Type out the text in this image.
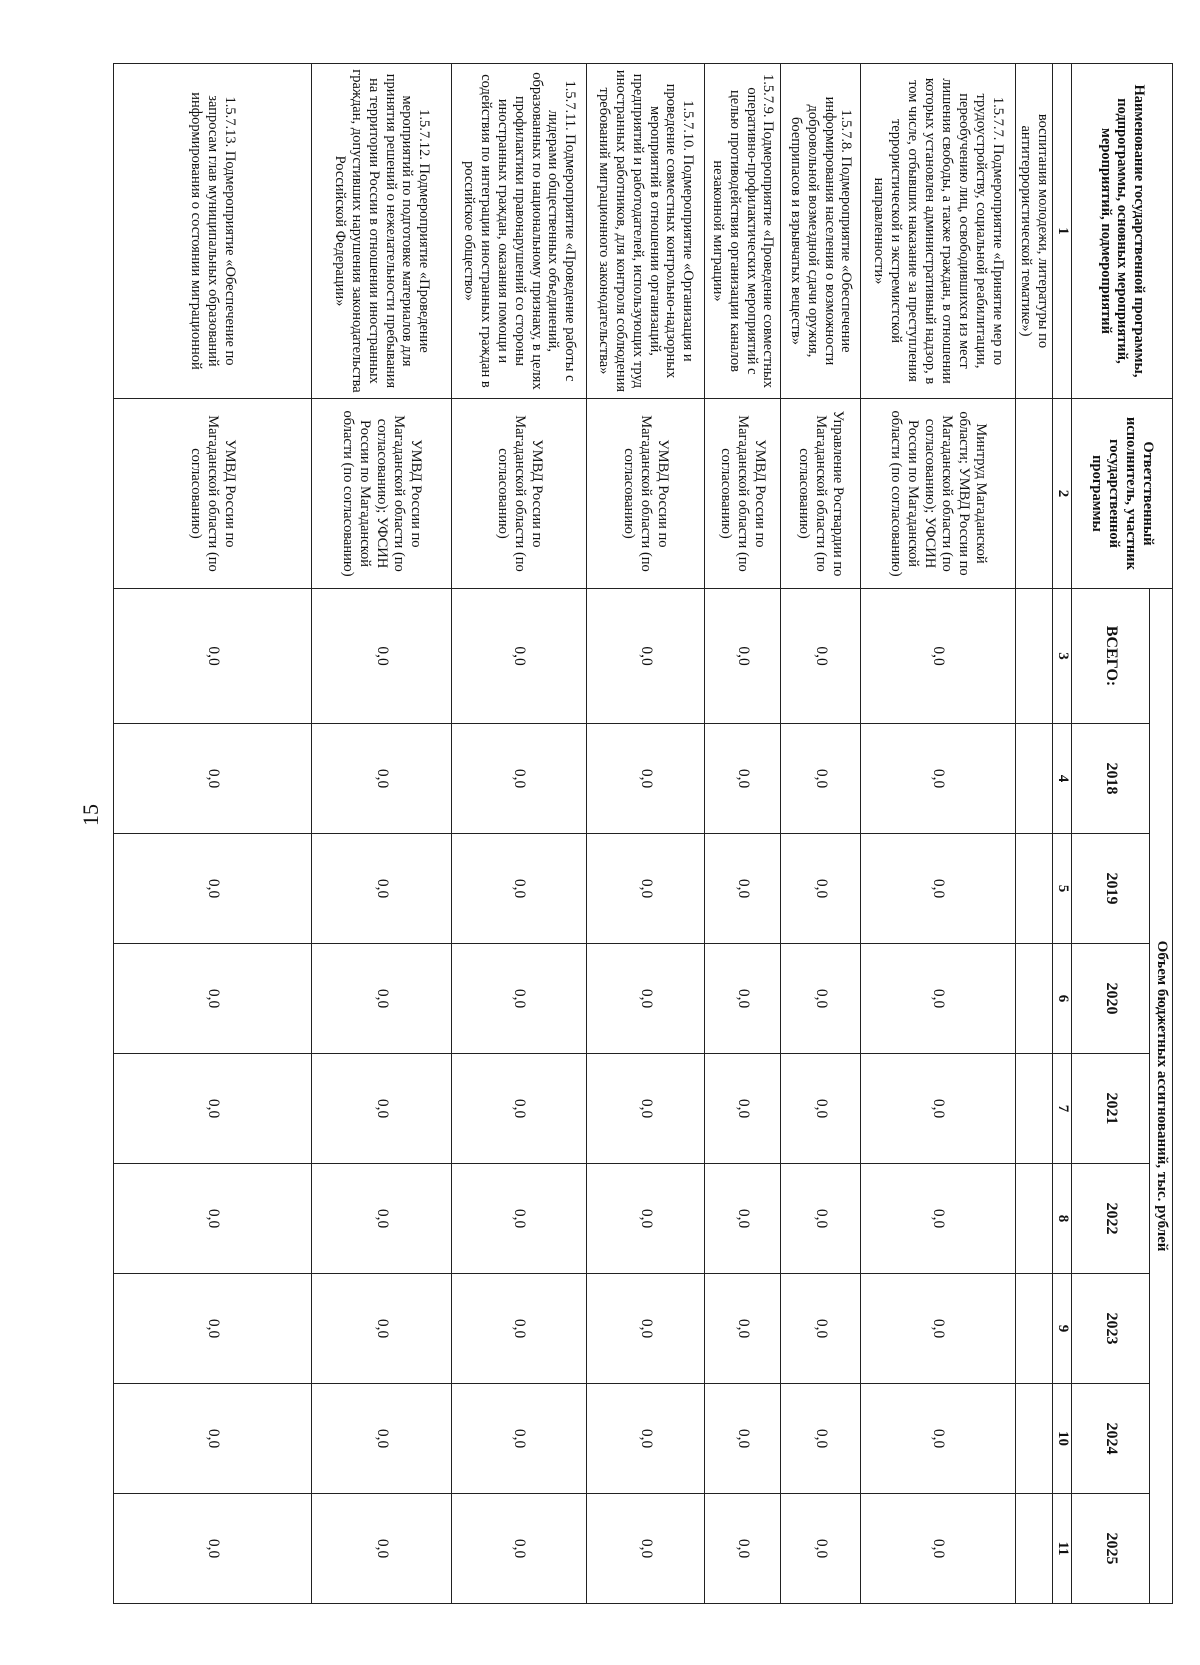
15
Наименование государственной программы, подпрограммы, основных мероприятий, мероприятий, подмероприятий	Ответственный исполнитель, участник государственной программы	Объем бюджетных ассигнований, тыс. рублей								
		ВСЕГО:	2018	2019	2020	2021	2022	2023	2024	2025
1	2	3	4	5	6	7	8	9	10	11
воспитания молодежи, литературы по антитеррористической тематике»)										
1.5.7.7. Подмероприятие «Принятие мер по трудоустройству, социальной реабилитации, переобучению лиц, освободившихся из мест лишения свободы, а также граждан, в отношении которых установлен административный надзор, в том числе, отбывших наказание за преступления террористической и экстремистской направленности»	Минтруд Магаданской области; УМВД России по Магаданской области (по согласованию); УФСИН России по Магаданской области (по согласованию)	0,0	0,0	0,0	0,0	0,0	0,0	0,0	0,0	0,0
1.5.7.8. Подмероприятие «Обеспечение информирования населения о возможности добровольной возмездной сдачи оружия, боеприпасов и взрывчатых веществ»	Управление Росгвардии по Магаданской области (по согласованию)	0,0	0,0	0,0	0,0	0,0	0,0	0,0	0,0	0,0
1.5.7.9. Подмероприятие «Проведение совместных оперативно-профилактических мероприятий с целью противодействия организации каналов незаконной миграции»	УМВД России по Магаданской области (по согласованию)	0,0	0,0	0,0	0,0	0,0	0,0	0,0	0,0	0,0
1.5.7.10. Подмероприятие «Организация и проведение совместных контрольно-надзорных мероприятий в отношении организаций, предприятий и работодателей, использующих труд иностранных работников, для контроля соблюдения требований миграционного законодательства»	УМВД России по Магаданской области (по согласованию)	0,0	0,0	0,0	0,0	0,0	0,0	0,0	0,0	0,0
1.5.7.11. Подмероприятие «Проведение работы с лидерами общественных объединений, образованных по национальному признаку, в целях профилактики правонарушений со стороны иностранных граждан, оказания помощи и содействия по интеграции иностранных граждан в российское общество»	УМВД России по Магаданской области (по согласованию)	0,0	0,0	0,0	0,0	0,0	0,0	0,0	0,0	0,0
1.5.7.12. Подмероприятие «Проведение мероприятий по подготовке материалов для принятия решений о нежелательности пребывания на территории России в отношении иностранных граждан, допустивших нарушения законодательства Российской Федерации»	УМВД России по Магаданской области (по согласованию); УФСИН России по Магаданской области (по согласованию)	0,0	0,0	0,0	0,0	0,0	0,0	0,0	0,0	0,0
1.5.7.13. Подмероприятие «Обеспечение по запросам глав муниципальных образований информирования о состоянии миграционной	УМВД России по Магаданской области (по согласованию)	0,0	0,0	0,0	0,0	0,0	0,0	0,0	0,0	0,0
